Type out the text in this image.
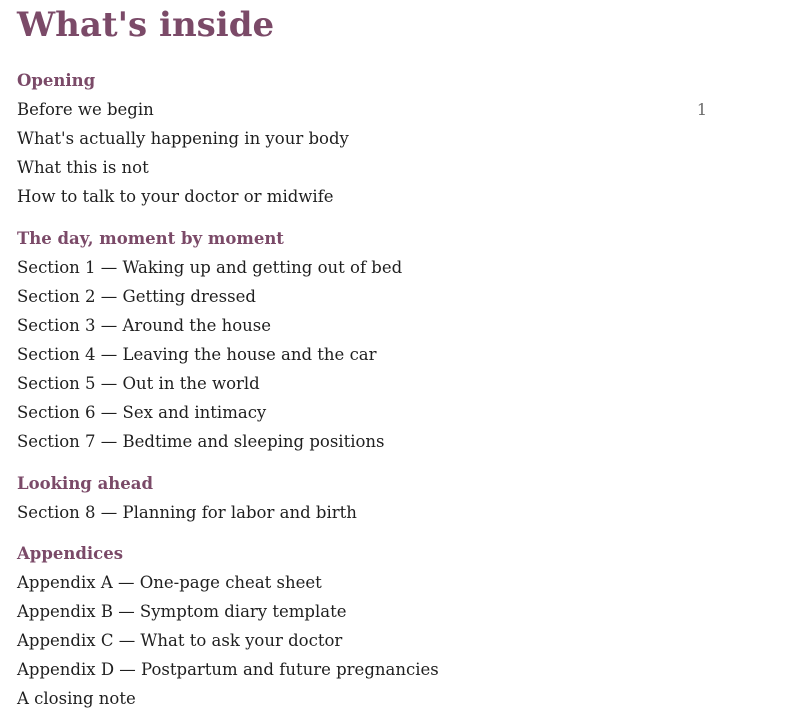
What's inside
Opening
Before we begin	1
What's actually happening in your body
What this is not
How to talk to your doctor or midwife
The day, moment by moment
Section 1 — Waking up and getting out of bed
Section 2 — Getting dressed
Section 3 — Around the house
Section 4 — Leaving the house and the car
Section 5 — Out in the world
Section 6 — Sex and intimacy
Section 7 — Bedtime and sleeping positions
Looking ahead
Section 8 — Planning for labor and birth
Appendices
Appendix A — One-page cheat sheet
Appendix B — Symptom diary template
Appendix C — What to ask your doctor
Appendix D — Postpartum and future pregnancies
A closing note
